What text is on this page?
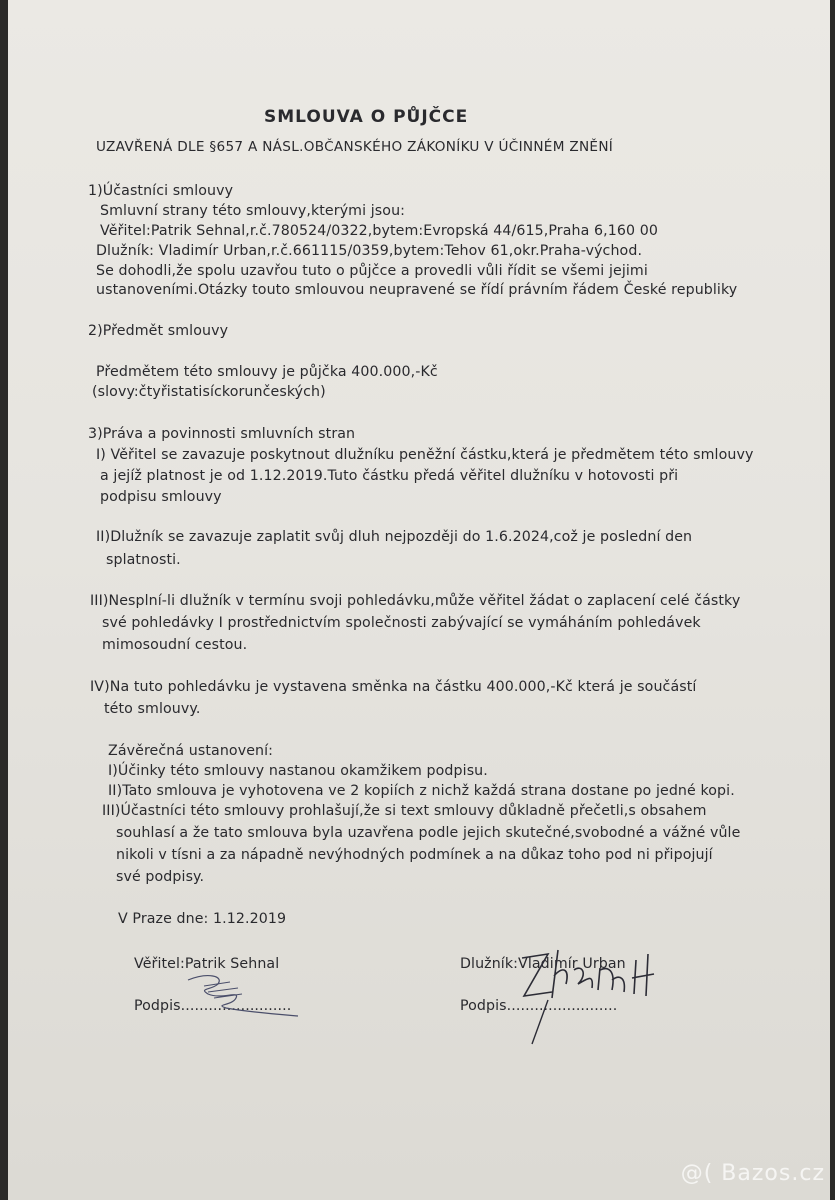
SMLOUVA O PŮJČCE
UZAVŘENÁ DLE §657 A NÁSL.OBČANSKÉHO ZÁKONÍKU V ÚČINNÉM ZNĚNÍ
1)Účastníci smlouvy
Smluvní strany této smlouvy,kterými jsou:
Věřitel:Patrik Sehnal,r.č.780524/0322,bytem:Evropská 44/615,Praha 6,160 00
Dlužník: Vladimír Urban,r.č.661115/0359,bytem:Tehov 61,okr.Praha-východ.
Se dohodli,že spolu uzavřou tuto o půjčce a provedli vůli řídit se všemi jejimi
ustanoveními.Otázky touto smlouvou neupravené se řídí právním řádem České republiky
2)Předmět smlouvy
Předmětem této smlouvy je půjčka 400.000,-Kč
(slovy:čtyřistatisíckorunčeských)
3)Práva a povinnosti smluvních stran
I) Věřitel se zavazuje poskytnout dlužníku peněžní částku,která je předmětem této smlouvy
a jejíž platnost je od 1.12.2019.Tuto částku předá věřitel dlužníku v hotovosti při
podpisu smlouvy
II)Dlužník se zavazuje zaplatit svůj dluh nejpozději do 1.6.2024,což je poslední den
splatnosti.
III)Nesplní-li dlužník v termínu svoji pohledávku,může věřitel žádat o zaplacení celé částky
své pohledávky I prostřednictvím společnosti zabývající se vymáháním pohledávek
mimosoudní cestou.
IV)Na tuto pohledávku je vystavena směnka na částku 400.000,-Kč která je součástí
této smlouvy.
Závěrečná ustanovení:
I)Účinky této smlouvy nastanou okamžikem podpisu.
II)Tato smlouva je vyhotovena ve 2 kopiích z nichž každá strana dostane po jedné kopi.
III)Účastníci této smlouvy prohlašují,že si text smlouvy důkladně přečetli,s obsahem
souhlasí a že tato smlouva byla uzavřena podle jejich skutečné,svobodné a vážné vůle
nikoli v tísni a za nápadně nevýhodných podmínek a na důkaz toho pod ni připojují
své podpisy.
V Praze dne: 1.12.2019
Věřitel:Patrik Sehnal
Podpis........................
Dlužník:Vladimír Urban
Podpis........................
@( Bazos.cz
